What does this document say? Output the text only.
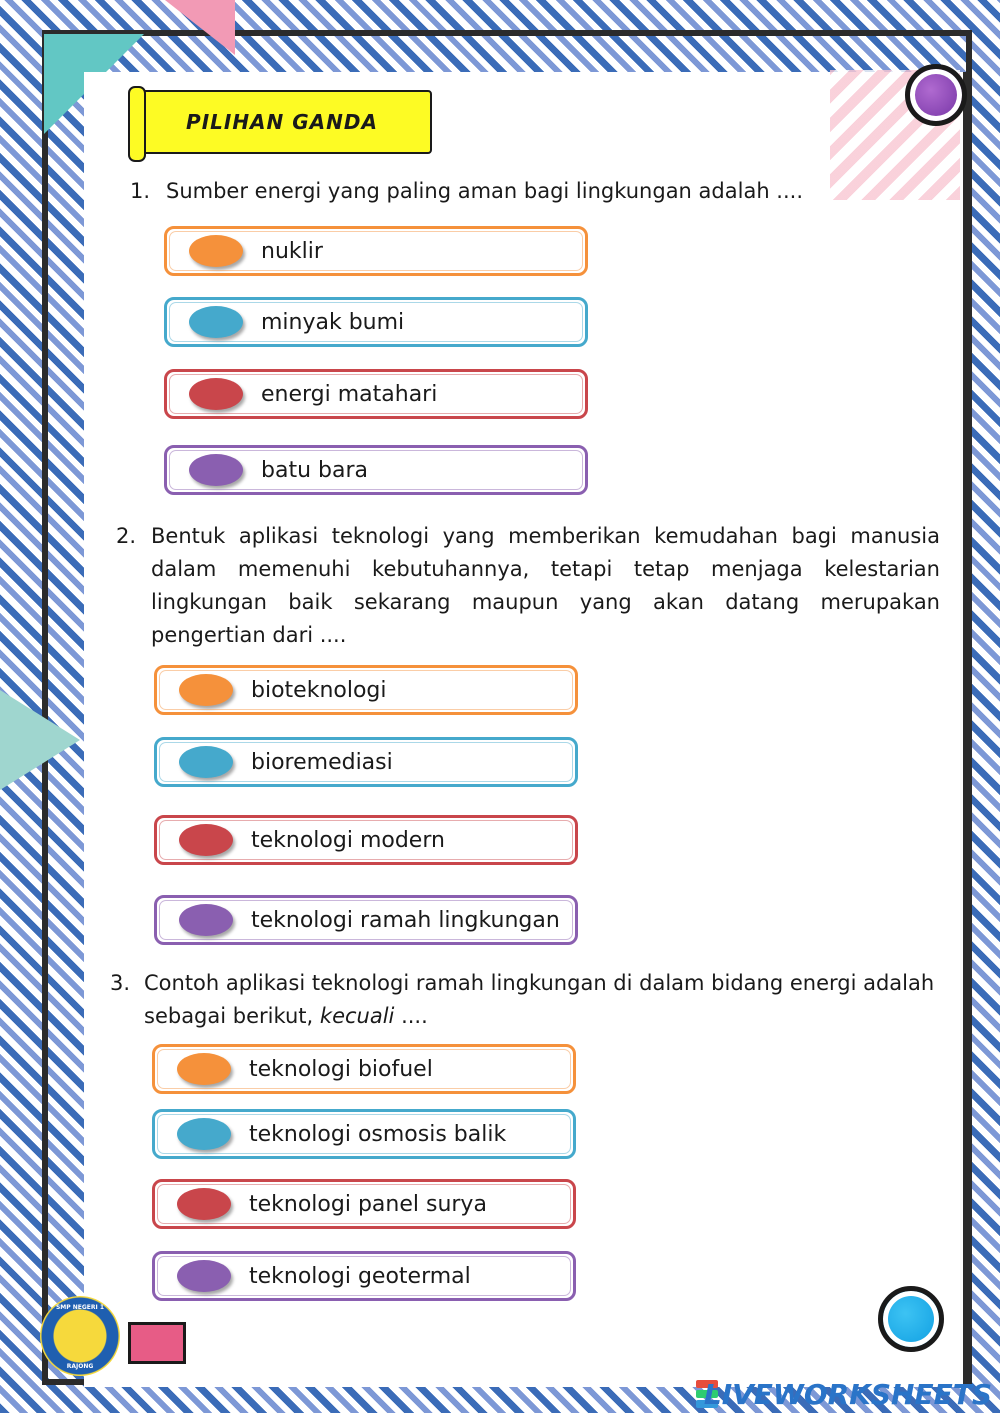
PILIHAN GANDA
1. Sumber energi yang paling aman bagi lingkungan adalah ....
nuklir
minyak bumi
energi matahari
batu bara
2. Bentuk aplikasi teknologi yang memberikan kemudahan bagi manusia dalam memenuhi kebutuhannya, tetapi tetap menjaga kelestarian lingkungan baik sekarang maupun yang akan datang merupakan pengertian dari ....
bioteknologi
bioremediasi
teknologi modern
teknologi ramah lingkungan
3. Contoh aplikasi teknologi ramah lingkungan di dalam bidang energi adalah sebagai berikut, kecuali ....
teknologi biofuel
teknologi osmosis balik
teknologi panel surya
teknologi geotermal
SMP NEGERI 1
RAJONG
LIVEWORKSHEETS
